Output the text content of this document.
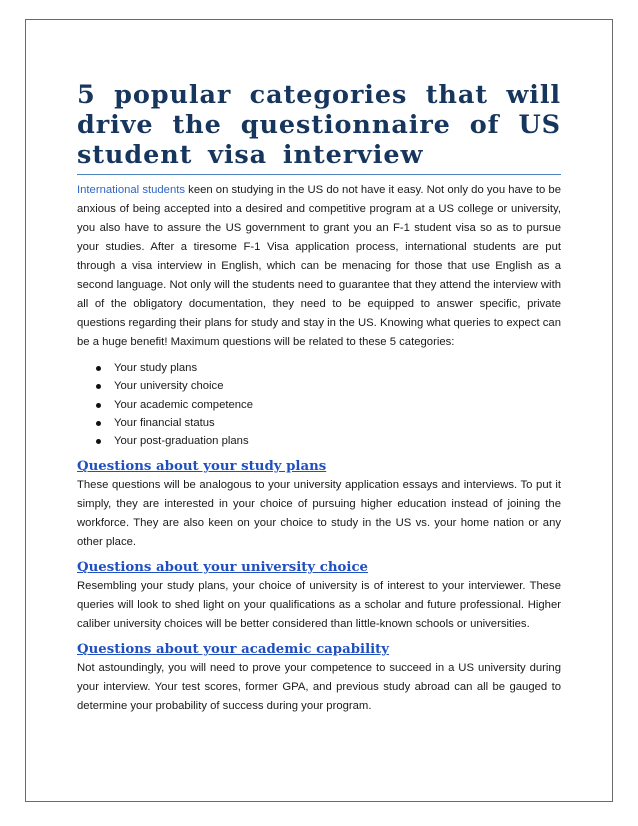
5 popular categories that will drive the questionnaire of US student visa interview

International students keen on studying in the US do not have it easy. Not only do you have to be anxious of being accepted into a desired and competitive program at a US college or university, you also have to assure the US government to grant you an F-1 student visa so as to pursue your studies. After a tiresome F-1 Visa application process, international students are put through a visa interview in English, which can be menacing for those that use English as a second language. Not only will the students need to guarantee that they attend the interview with all of the obligatory documentation, they need to be equipped to answer specific, private questions regarding their plans for study and stay in the US. Knowing what queries to expect can be a huge benefit! Maximum questions will be related to these 5 categories:

Your study plans
Your university choice
Your academic competence
Your financial status
Your post-graduation plans
Questions about your study plans

These questions will be analogous to your university application essays and interviews. To put it simply, they are interested in your choice of pursuing higher education instead of joining the workforce. They are also keen on your choice to study in the US vs. your home nation or any other place.

Questions about your university choice

Resembling your study plans, your choice of university is of interest to your interviewer. These queries will look to shed light on your qualifications as a scholar and future professional. Higher caliber university choices will be better considered than little-known schools or universities.

Questions about your academic capability

Not astoundingly, you will need to prove your competence to succeed in a US university during your interview. Your test scores, former GPA, and previous study abroad can all be gauged to determine your probability of success during your program.
